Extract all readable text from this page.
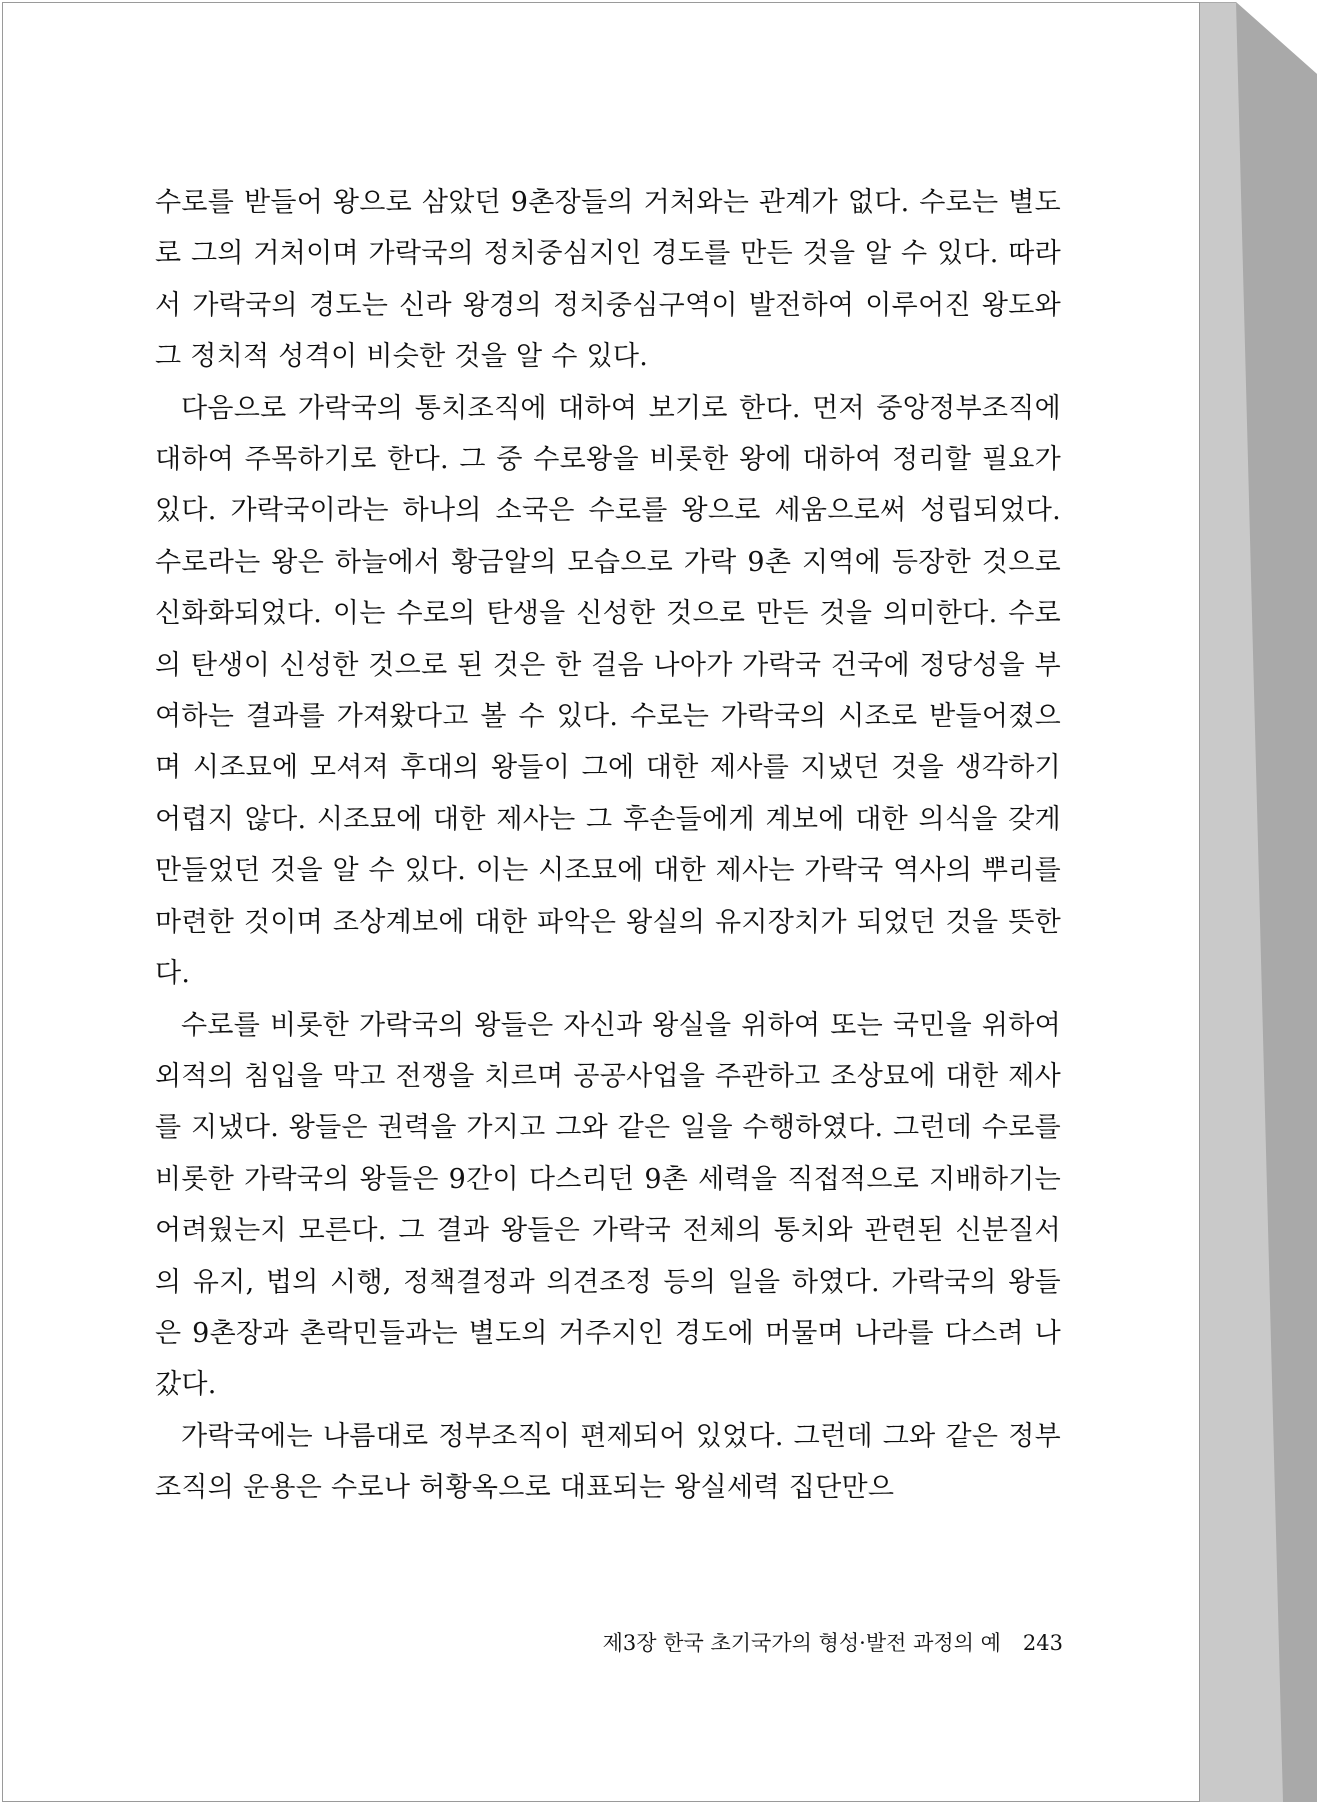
수로를 받들어 왕으로 삼았던 9촌장들의 거처와는 관계가 없다. 수로는 별도로 그의 거처이며 가락국의 정치중심지인 경도를 만든 것을 알 수 있다. 따라서 가락국의 경도는 신라 왕경의 정치중심구역이 발전하여 이루어진 왕도와 그 정치적 성격이 비슷한 것을 알 수 있다.

다음으로 가락국의 통치조직에 대하여 보기로 한다. 먼저 중앙정부조직에 대하여 주목하기로 한다. 그 중 수로왕을 비롯한 왕에 대하여 정리할 필요가 있다. 가락국이라는 하나의 소국은 수로를 왕으로 세움으로써 성립되었다. 수로라는 왕은 하늘에서 황금알의 모습으로 가락 9촌 지역에 등장한 것으로 신화화되었다. 이는 수로의 탄생을 신성한 것으로 만든 것을 의미한다. 수로의 탄생이 신성한 것으로 된 것은 한 걸음 나아가 가락국 건국에 정당성을 부여하는 결과를 가져왔다고 볼 수 있다. 수로는 가락국의 시조로 받들어졌으며 시조묘에 모셔져 후대의 왕들이 그에 대한 제사를 지냈던 것을 생각하기 어렵지 않다. 시조묘에 대한 제사는 그 후손들에게 계보에 대한 의식을 갖게 만들었던 것을 알 수 있다. 이는 시조묘에 대한 제사는 가락국 역사의 뿌리를 마련한 것이며 조상계보에 대한 파악은 왕실의 유지장치가 되었던 것을 뜻한다.

수로를 비롯한 가락국의 왕들은 자신과 왕실을 위하여 또는 국민을 위하여 외적의 침입을 막고 전쟁을 치르며 공공사업을 주관하고 조상묘에 대한 제사를 지냈다. 왕들은 권력을 가지고 그와 같은 일을 수행하였다. 그런데 수로를 비롯한 가락국의 왕들은 9간이 다스리던 9촌 세력을 직접적으로 지배하기는 어려웠는지 모른다. 그 결과 왕들은 가락국 전체의 통치와 관련된 신분질서의 유지, 법의 시행, 정책결정과 의견조정 등의 일을 하였다. 가락국의 왕들은 9촌장과 촌락민들과는 별도의 거주지인 경도에 머물며 나라를 다스려 나갔다.

가락국에는 나름대로 정부조직이 편제되어 있었다. 그런데 그와 같은 정부조직의 운용은 수로나 허황옥으로 대표되는 왕실세력 집단만으

제3장 한국 초기국가의 형성·발전 과정의 예 243
